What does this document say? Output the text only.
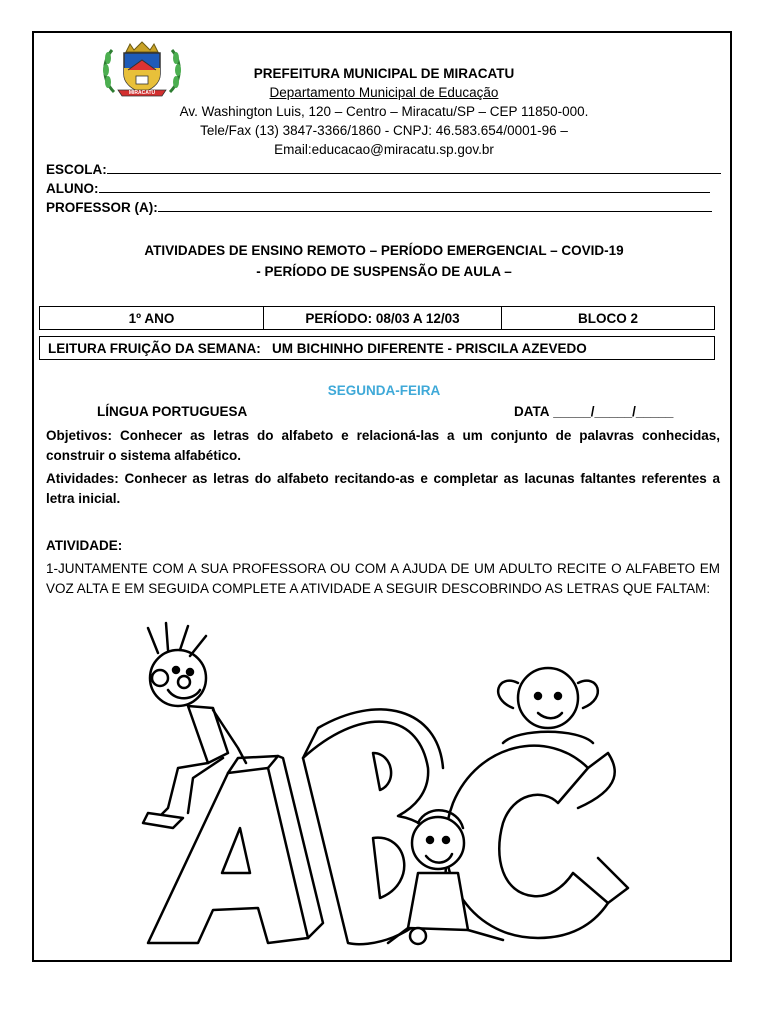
MIRACATU
PREFEITURA MUNICIPAL DE MIRACATU
Departamento Municipal de Educação
Av. Washington Luis, 120 – Centro – Miracatu/SP – CEP 11850-000.
Tele/Fax (13) 3847-3366/1860 - CNPJ: 46.583.654/0001-96 –
Email:educacao@miracatu.sp.gov.br
ESCOLA:
ALUNO:
PROFESSOR (A):
ATIVIDADES DE ENSINO REMOTO – PERÍODO EMERGENCIAL – COVID-19
- PERÍODO DE SUSPENSÃO DE AULA –
1º ANO	PERÍODO: 08/03 A 12/03	BLOCO 2
LEITURA FRUIÇÃO DA SEMANA:
UM BICHINHO DIFERENTE - PRISCILA AZEVEDO
SEGUNDA-FEIRA
LÍNGUA PORTUGUESA	DATA _____/_____/_____
Objetivos: Conhecer as letras do alfabeto e relacioná-las a um conjunto de palavras conhecidas, construir o sistema alfabético.
Atividades: Conhecer as letras do alfabeto recitando-as e completar as lacunas faltantes referentes a letra inicial.
ATIVIDADE:
1-JUNTAMENTE COM A SUA PROFESSORA OU COM A AJUDA DE UM ADULTO RECITE O ALFABETO EM VOZ ALTA E EM SEGUIDA COMPLETE A ATIVIDADE A SEGUIR DESCOBRINDO AS LETRAS QUE FALTAM:
